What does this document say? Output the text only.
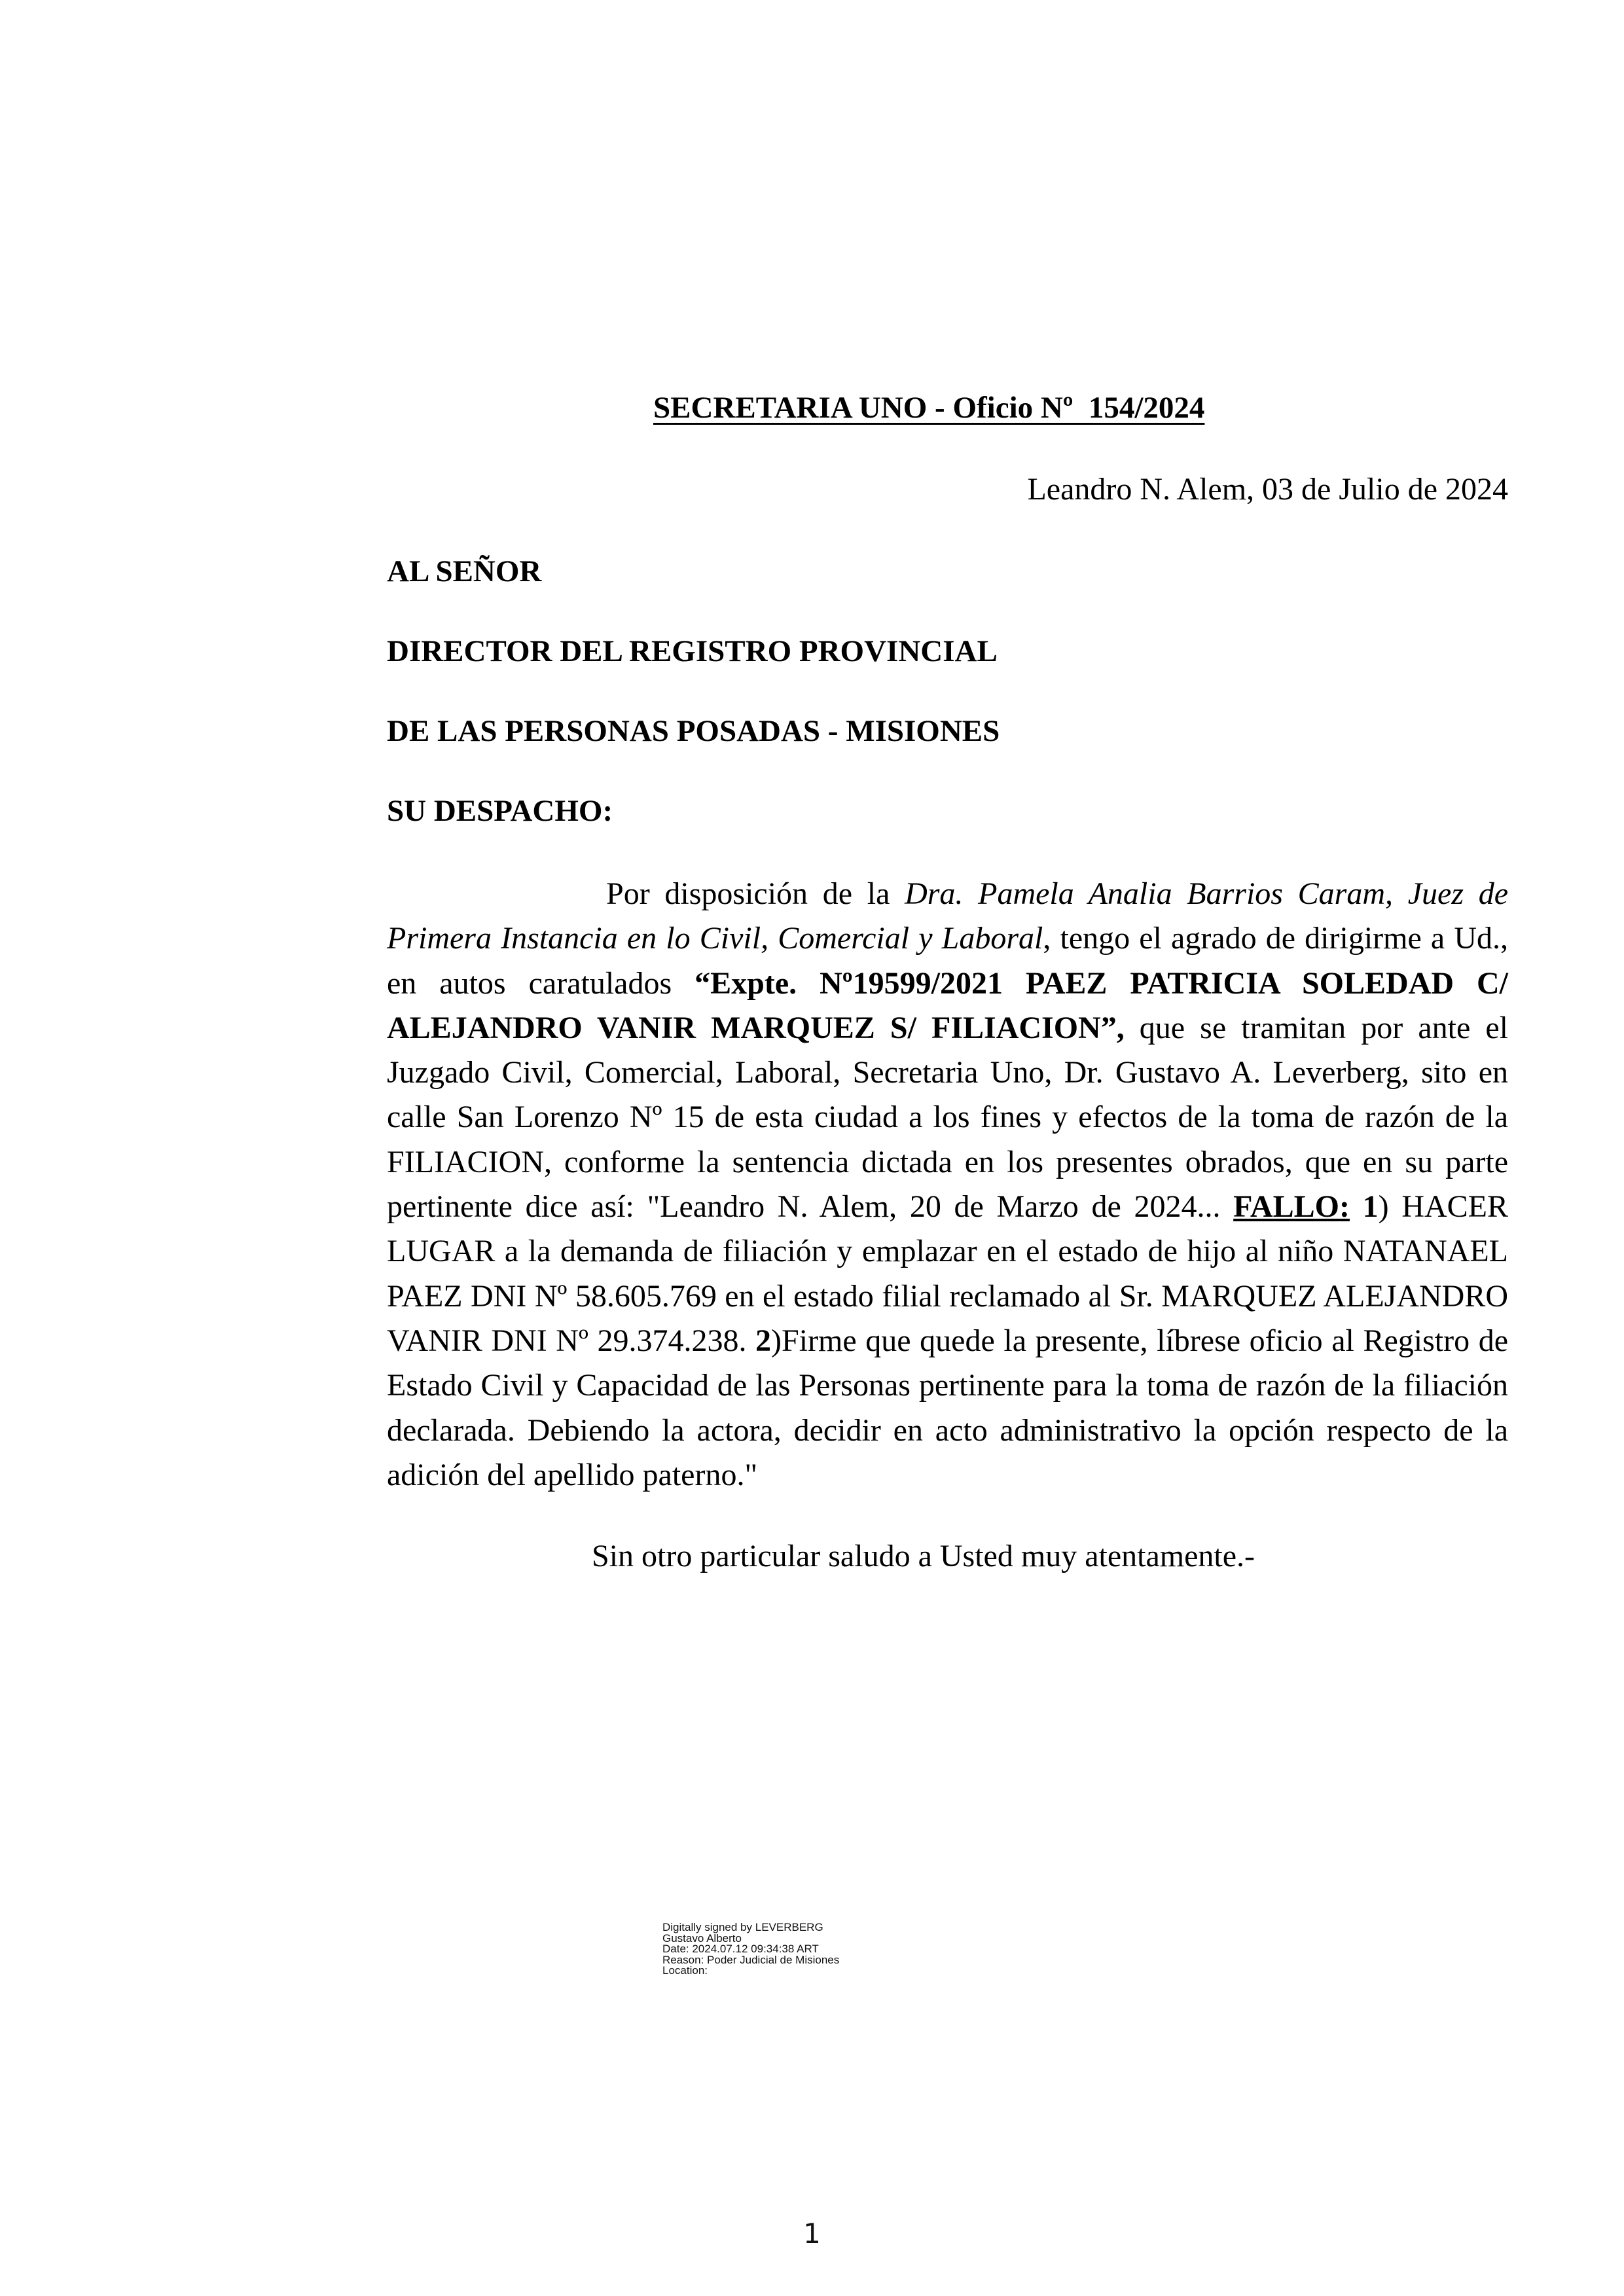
SECRETARIA UNO - Oficio Nº  154/2024
Leandro N. Alem, 03 de Julio de 2024
AL SEÑOR
DIRECTOR DEL REGISTRO PROVINCIAL
DE LAS PERSONAS POSADAS - MISIONES
SU DESPACHO:
Por disposición de la Dra. Pamela Analia Barrios Caram, Juez de Primera Instancia en lo Civil, Comercial y Laboral, tengo el agrado de dirigirme a Ud., en autos caratulados “Expte. Nº19599/2021 PAEZ PATRICIA SOLEDAD C/ ALEJANDRO VANIR MARQUEZ S/ FILIACION”, que se tramitan por ante el Juzgado Civil, Comercial, Laboral, Secretaria Uno, Dr. Gustavo A. Leverberg, sito en calle San Lorenzo Nº 15 de esta ciudad a los fines y efectos de la toma de razón de la FILIACION, conforme la sentencia dictada en los presentes obrados, que en su parte pertinente dice así: "Leandro N. Alem, 20 de Marzo de 2024... FALLO: 1) HACER LUGAR a la demanda de filiación y emplazar en el estado de hijo al niño NATANAEL PAEZ DNI Nº 58.605.769 en el estado filial reclamado al Sr. MARQUEZ ALEJANDRO VANIR DNI Nº 29.374.238. 2)Firme que quede la presente, líbrese oficio al Registro de Estado Civil y Capacidad de las Personas pertinente para la toma de razón de la filiación declarada. Debiendo la actora, decidir en acto administrativo la opción respecto de la adición del apellido paterno."
Sin otro particular saludo a Usted muy atentamente.-
Digitally signed by LEVERBERG
Gustavo Alberto
Date: 2024.07.12 09:34:38 ART
Reason: Poder Judicial de Misiones
Location:
1
